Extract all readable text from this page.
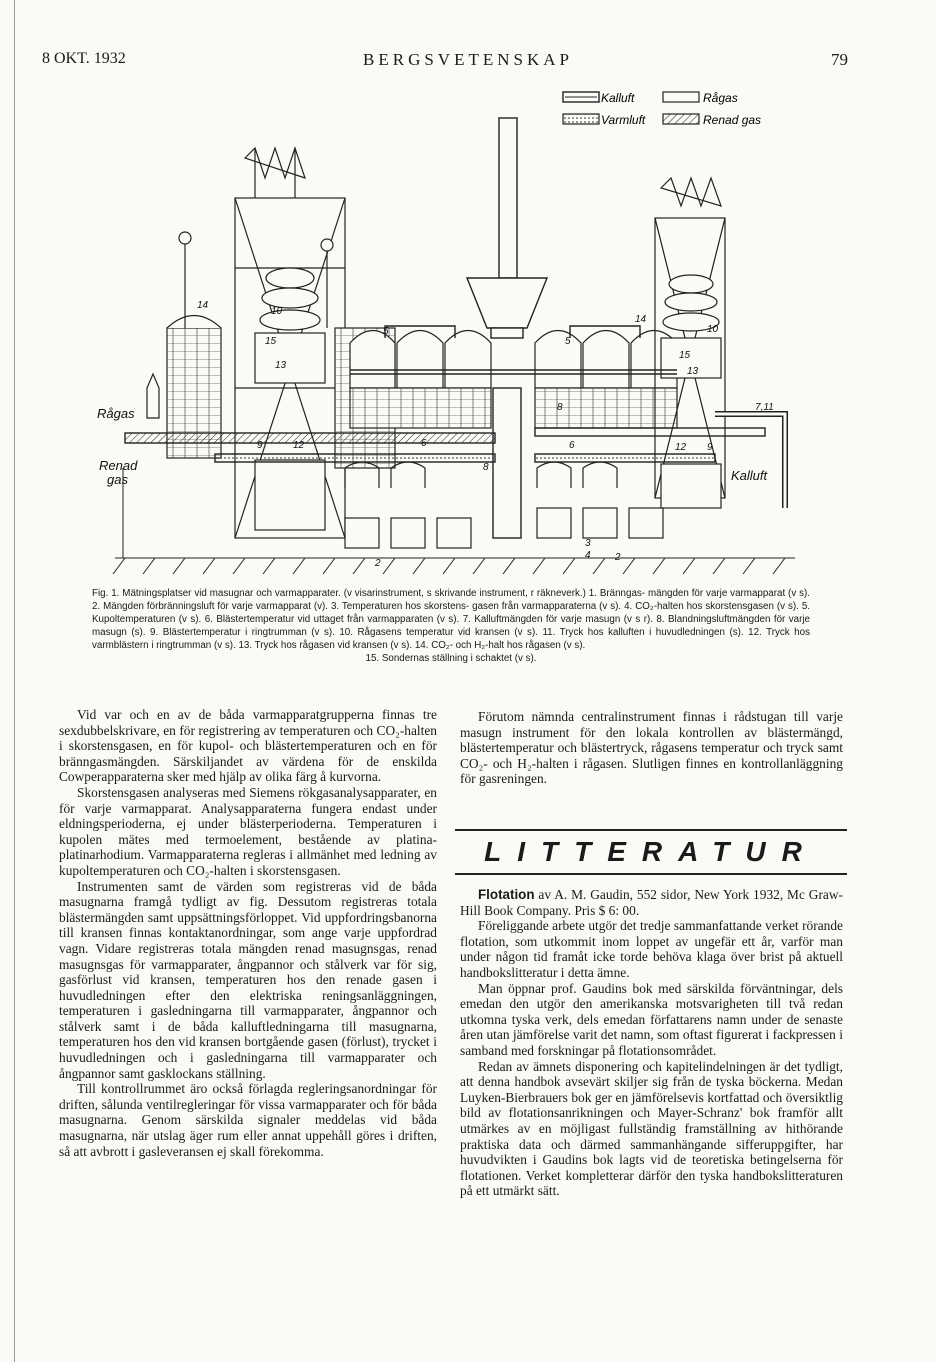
8 OKT. 1932	BERGSVETENSKAP	79
Kalluft
Varmluft
Rågas
Renad gas
Rågas
Renad
gas	Kalluft
7,11
5
5
14
14
10
10
15
15
13
13
9	9
12	12
6	6
8
8
2
2
3
4
Fig. 1. Mätningsplatser vid masugnar och varmapparater. (v visarinstrument, s skrivande instrument, r räkneverk.) 1. Bränngas- mängden för varje varmapparat (v s). 2. Mängden förbränningsluft för varje varmapparat (v). 3. Temperaturen hos skorstens- gasen från varmapparaterna (v s). 4. CO₂-halten hos skorstensgasen (v s). 5. Kupoltemperaturen (v s). 6. Blästertemperatur vid uttaget från varmapparaten (v s). 7. Kalluftmängden för varje masugn (v s r). 8. Blandningsluftmängden för varje masugn (s). 9. Blästertemperatur i ringtrumman (v s). 10. Rågasens temperatur vid kransen (v s). 11. Tryck hos kalluften i huvudledningen (s). 12. Tryck hos varmblästern i ringtrumman (v s). 13. Tryck hos rågasen vid kransen (v s). 14. CO₂- och H₂-halt hos rågasen (v s).
15. Sondernas ställning i schaktet (v s).

Vid var och en av de båda varmapparatgrupperna finnas tre sexdubbelskrivare, en för registrering av temperaturen och CO₂-halten i skorstensgasen, en för kupol- och blästertemperaturen och en för bränngasmängden. Särskiljandet av värdena för de enskilda Cowperapparaterna sker med hjälp av olika färg å kurvorna.

Skorstensgasen analyseras med Siemens rökgasanalysapparater, en för varje varmapparat. Analysapparaterna fungera endast under eldningsperioderna, ej under blästerperioderna. Temperaturen i kupolen mätes med termoelement, bestående av platina-platinarhodium. Varmapparaterna regleras i allmänhet med ledning av kupoltemperaturen och CO₂-halten i skorstensgasen.

Instrumenten samt de värden som registreras vid de båda masugnarna framgå tydligt av fig. Dessutom registreras totala blästermängden samt uppsättningsförloppet. Vid uppfordringsbanorna till kransen finnas kontaktanordningar, som ange varje uppfordrad vagn. Vidare registreras totala mängden renad masugnsgas, renad masugnsgas för varmapparater, ångpannor och stålverk var för sig, gasförlust vid kransen, temperaturen hos den renade gasen i huvudledningen efter den elektriska reningsanläggningen, temperaturen i gasledningarna till varmapparater, ångpannor och stålverk samt i de båda kalluftledningarna till masugnarna, temperaturen hos den vid kransen bortgående gasen (förlust), trycket i huvudledningen och i gasledningarna till varmapparater och ångpannor samt gasklockans ställning.

Till kontrollrummet äro också förlagda regleringsanordningar för driften, sålunda ventilregleringar för vissa varmapparater och för båda masugnarna. Genom särskilda signaler meddelas vid båda masugnarna, när utslag äger rum eller annat uppehåll göres i driften, så att avbrott i gasleveransen ej skall förekomma.

Förutom nämnda centralinstrument finnas i rådstugan till varje masugn instrument för den lokala kontrollen av blästermängd, blästertemperatur och blästertryck, rågasens temperatur och tryck samt CO₂- och H₂-halten i rågasen. Slutligen finnes en kontrollanläggning för gasreningen.

LITTERATUR

Flotation av A. M. Gaudin, 552 sidor, New York 1932, Mc Graw-Hill Book Company. Pris $ 6: 00.

Föreliggande arbete utgör det tredje sammanfattande verket rörande flotation, som utkommit inom loppet av ungefär ett år, varför man under någon tid framåt icke torde behöva klaga över brist på aktuell handbokslitteratur i detta ämne.

Man öppnar prof. Gaudins bok med särskilda förväntningar, dels emedan den utgör den amerikanska motsvarigheten till två redan utkomna tyska verk, dels emedan författarens namn under de senaste åren utan jämförelse varit det namn, som oftast figurerat i fackpressen i samband med forskningar på flotationsområdet.

Redan av ämnets disponering och kapitelindelningen är det tydligt, att denna handbok avsevärt skiljer sig från de tyska böckerna. Medan Luyken-Bierbrauers bok ger en jämförelsevis kortfattad och översiktlig bild av flotationsanrikningen och Mayer-Schranz' bok framför allt utmärkes av en möjligast fullständig framställning av hithörande praktiska data och därmed sammanhängande sifferuppgifter, har huvudvikten i Gaudins bok lagts vid de teoretiska betingelserna för flotationen. Verket kompletterar därför den tyska handbokslitteraturen på ett utmärkt sätt.
